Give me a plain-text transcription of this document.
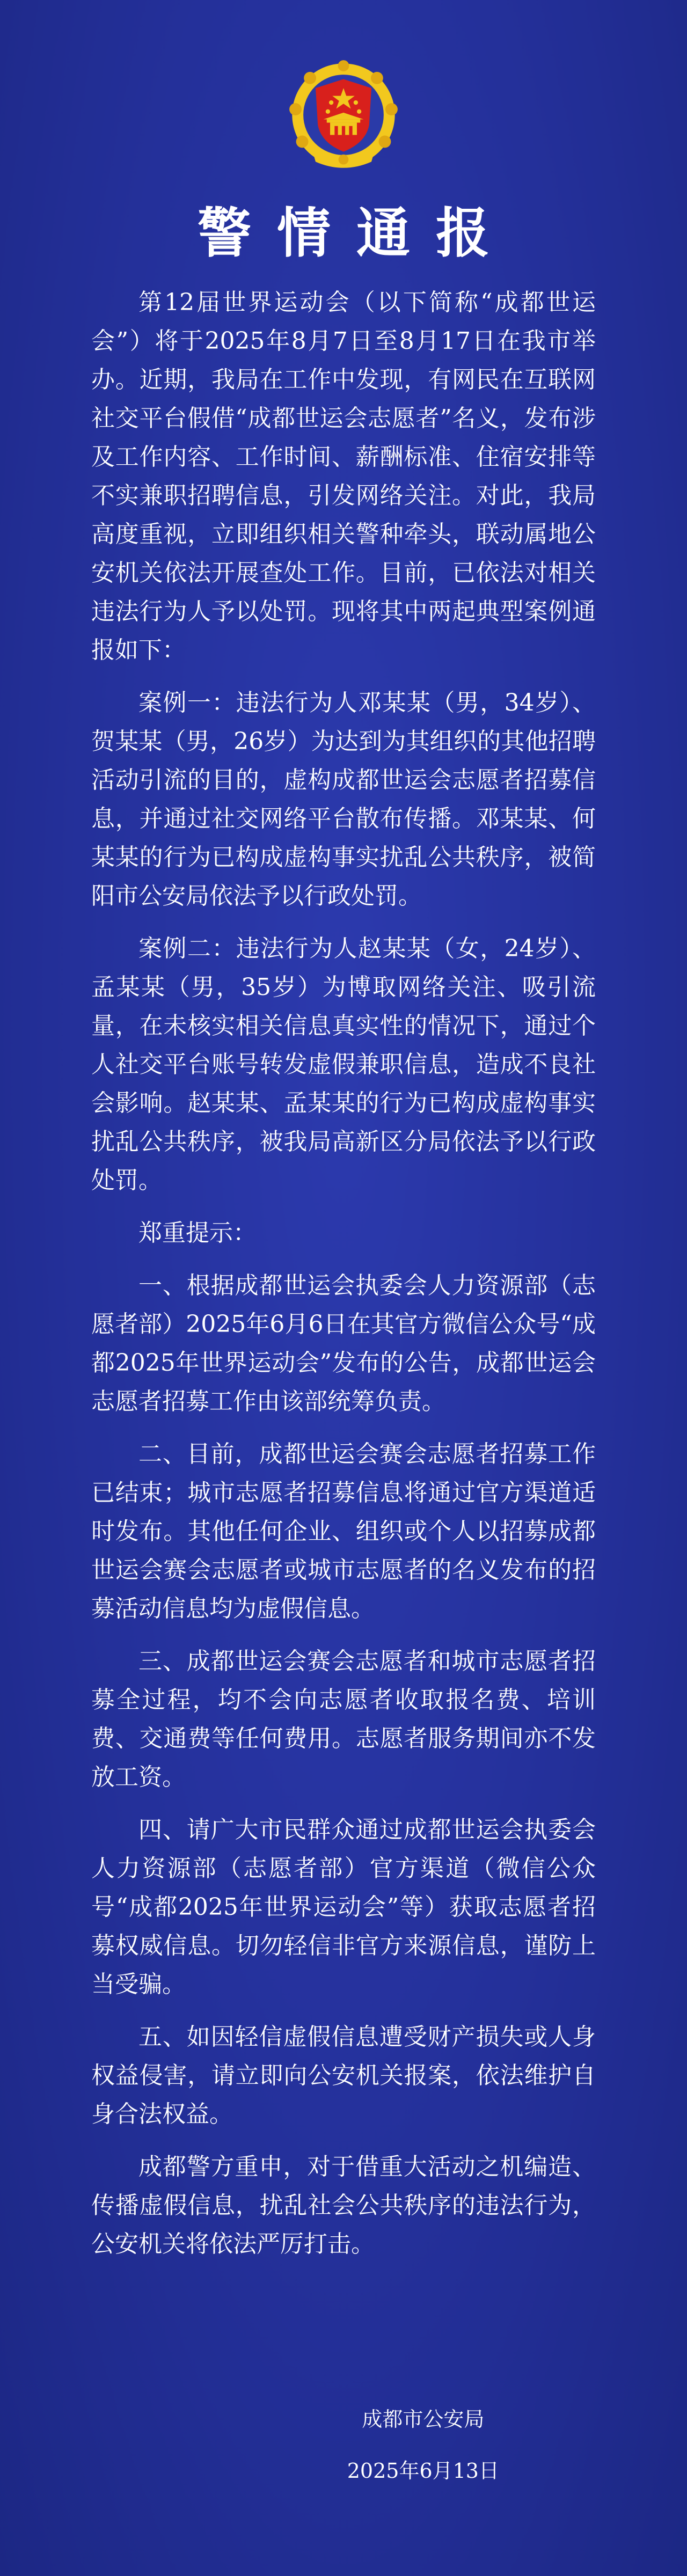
警情通报

第12届世界运动会（以下简称“成都世运会”）将于2025年8月7日至8月17日在我市举办。近期，我局在工作中发现，有网民在互联网社交平台假借“成都世运会志愿者”名义，发布涉及工作内容、工作时间、薪酬标准、住宿安排等不实兼职招聘信息，引发网络关注。对此，我局高度重视，立即组织相关警种牵头，联动属地公安机关依法开展查处工作。目前，已依法对相关违法行为人予以处罚。现将其中两起典型案例通报如下：

案例一：违法行为人邓某某（男，34岁）、贺某某（男，26岁）为达到为其组织的其他招聘活动引流的目的，虚构成都世运会志愿者招募信息，并通过社交网络平台散布传播。邓某某、何某某的行为已构成虚构事实扰乱公共秩序，被简阳市公安局依法予以行政处罚。

案例二：违法行为人赵某某（女，24岁）、孟某某（男，35岁）为博取网络关注、吸引流量，在未核实相关信息真实性的情况下，通过个人社交平台账号转发虚假兼职信息，造成不良社会影响。赵某某、孟某某的行为已构成虚构事实扰乱公共秩序，被我局高新区分局依法予以行政处罚。

郑重提示：

一、根据成都世运会执委会人力资源部（志愿者部）2025年6月6日在其官方微信公众号“成都2025年世界运动会”发布的公告，成都世运会志愿者招募工作由该部统筹负责。

二、目前，成都世运会赛会志愿者招募工作已结束；城市志愿者招募信息将通过官方渠道适时发布。其他任何企业、组织或个人以招募成都世运会赛会志愿者或城市志愿者的名义发布的招募活动信息均为虚假信息。

三、成都世运会赛会志愿者和城市志愿者招募全过程，均不会向志愿者收取报名费、培训费、交通费等任何费用。志愿者服务期间亦不发放工资。

四、请广大市民群众通过成都世运会执委会人力资源部（志愿者部）官方渠道（微信公众号“成都2025年世界运动会”等）获取志愿者招募权威信息。切勿轻信非官方来源信息，谨防上当受骗。

五、如因轻信虚假信息遭受财产损失或人身权益侵害，请立即向公安机关报案，依法维护自身合法权益。

成都警方重申，对于借重大活动之机编造、传播虚假信息，扰乱社会公共秩序的违法行为，公安机关将依法严厉打击。

成都市公安局
2025年6月13日
